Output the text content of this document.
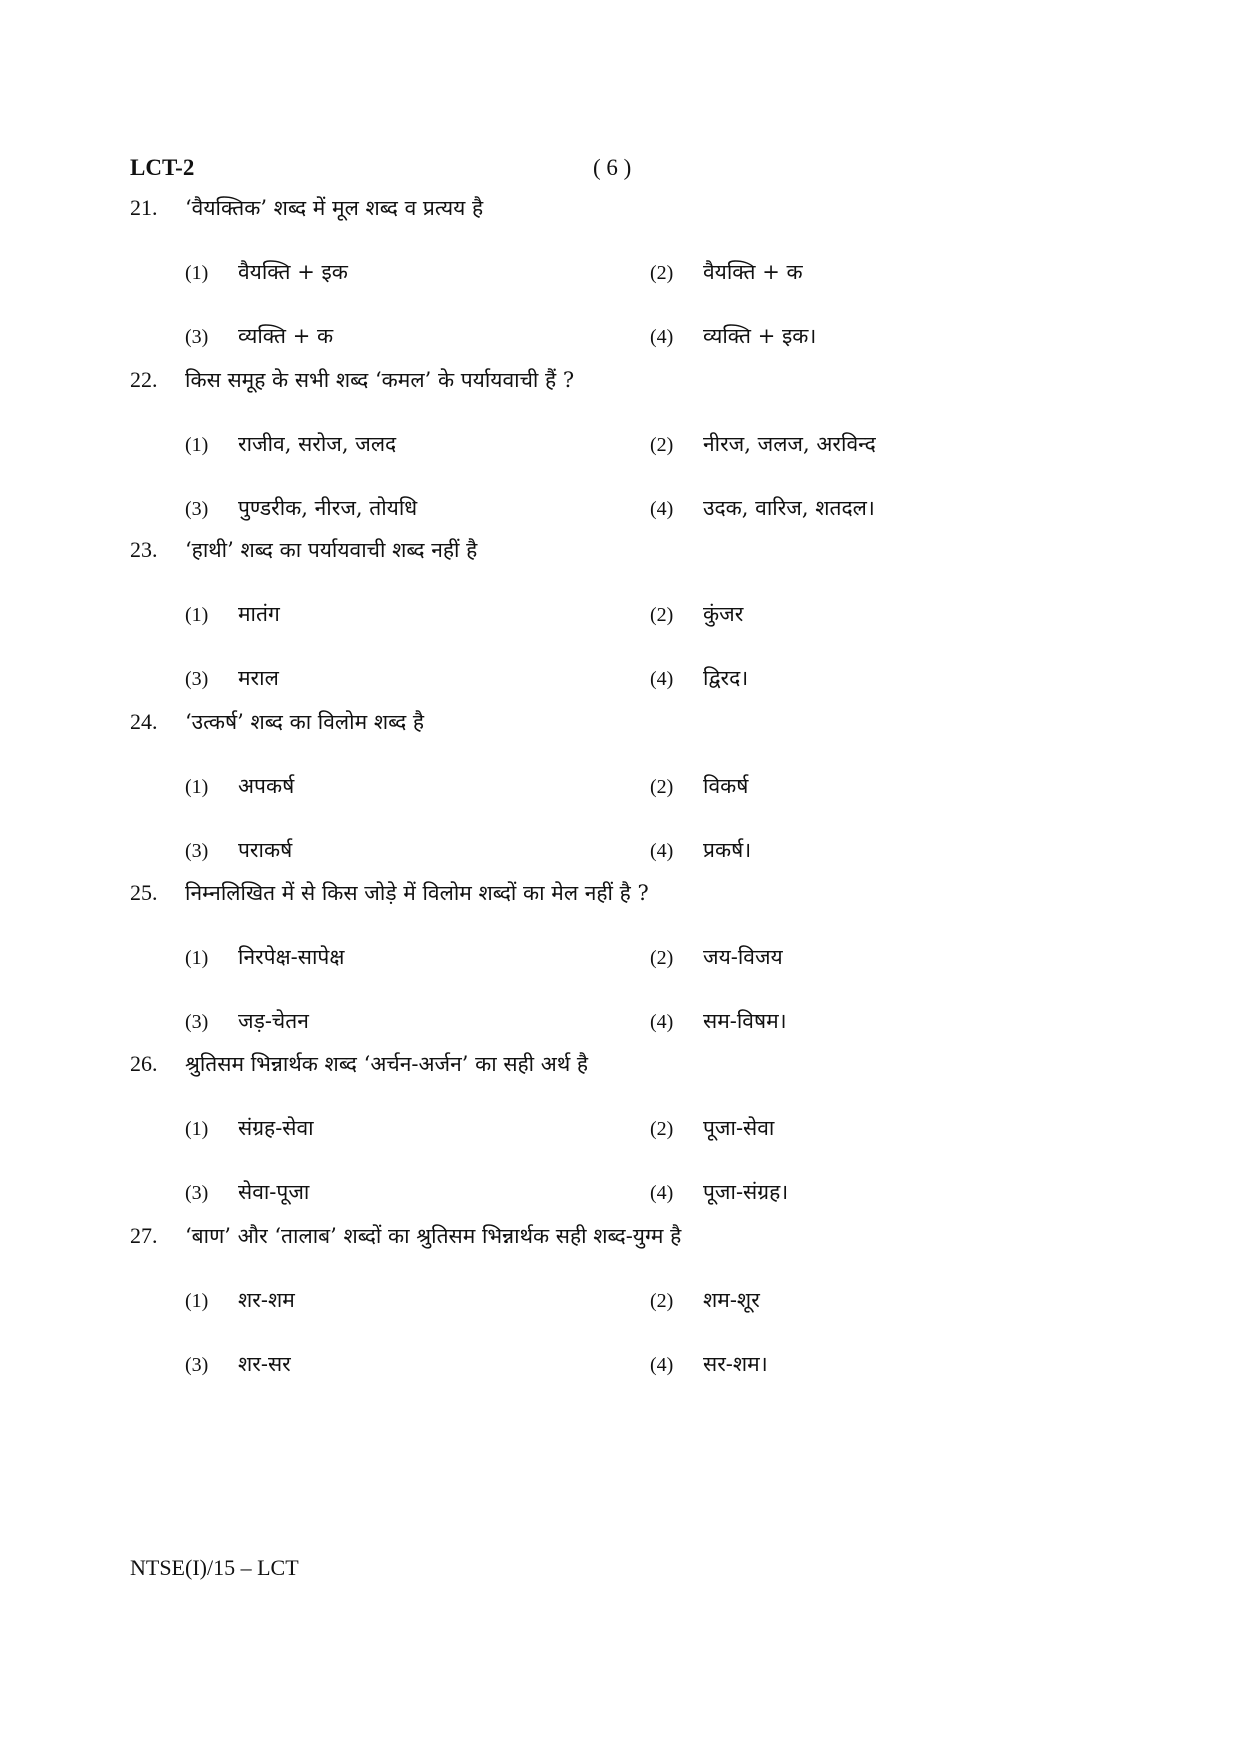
LCT-2	( 6 )
21. ‘वैयक्तिक’ शब्द में मूल शब्द व प्रत्यय है
(1) वैयक्ति + इक	(2) वैयक्ति + क
(3) व्यक्ति + क	(4) व्यक्ति + इक।
22. किस समूह के सभी शब्द ‘कमल’ के पर्यायवाची हैं ?
(1) राजीव, सरोज, जलद	(2) नीरज, जलज, अरविन्द
(3) पुण्डरीक, नीरज, तोयधि	(4) उदक, वारिज, शतदल।
23. ‘हाथी’ शब्द का पर्यायवाची शब्द नहीं है
(1) मातंग	(2) कुंजर
(3) मराल	(4) द्विरद।
24. ‘उत्कर्ष’ शब्द का विलोम शब्द है
(1) अपकर्ष	(2) विकर्ष
(3) पराकर्ष	(4) प्रकर्ष।
25. निम्नलिखित में से किस जोड़े में विलोम शब्दों का मेल नहीं है ?
(1) निरपेक्ष-सापेक्ष	(2) जय-विजय
(3) जड़-चेतन	(4) सम-विषम।
26. श्रुतिसम भिन्नार्थक शब्द ‘अर्चन-अर्जन’ का सही अर्थ है
(1) संग्रह-सेवा	(2) पूजा-सेवा
(3) सेवा-पूजा	(4) पूजा-संग्रह।
27. ‘बाण’ और ‘तालाब’ शब्दों का श्रुतिसम भिन्नार्थक सही शब्द-युग्म है
(1) शर-शम	(2) शम-शूर
(3) शर-सर	(4) सर-शम।
NTSE(I)/15 – LCT
